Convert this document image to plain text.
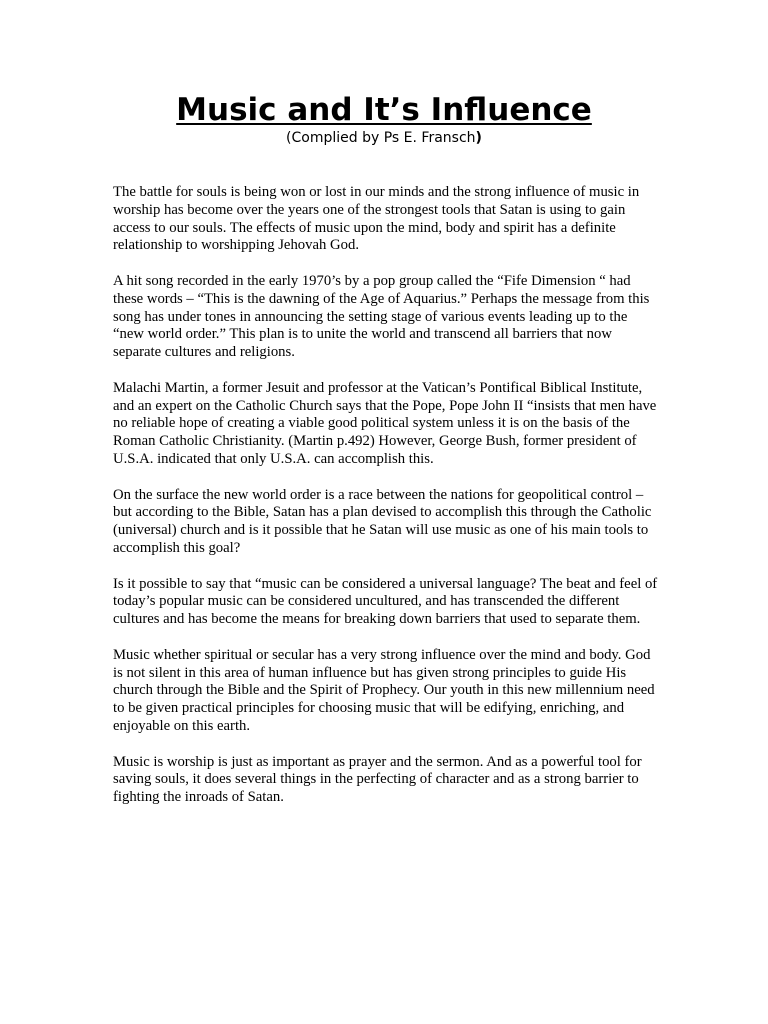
Music and It’s Influence
(Complied by Ps E. Fransch)

The battle for souls is being won or lost in our minds and the strong influence of music in worship has become over the years one of the strongest tools that Satan is using to gain access to our souls. The effects of music upon the mind, body and spirit has a definite relationship to worshipping Jehovah God.

A hit song recorded in the early 1970’s by a pop group called the “Fife Dimension “ had these words – “This is the dawning of the Age of Aquarius.” Perhaps the message from this song has under tones in announcing the setting stage of various events leading up to the “new world order.” This plan is to unite the world and transcend all barriers that now separate cultures and religions.

Malachi Martin, a former Jesuit and professor at the Vatican’s Pontifical Biblical Institute, and an expert on the Catholic Church says that the Pope, Pope John II “insists that men have no reliable hope of creating a viable good political system unless it is on the basis of the Roman Catholic Christianity. (Martin p.492) However, George Bush, former president of U.S.A. indicated that only U.S.A. can accomplish this.

On the surface the new world order is a race between the nations for geopolitical control – but according to the Bible, Satan has a plan devised to accomplish this through the Catholic (universal) church and is it possible that he Satan will use music as one of his main tools to accomplish this goal?

Is it possible to say that “music can be considered a universal language? The beat and feel of today’s popular music can be considered uncultured, and has transcended the different cultures and has become the means for breaking down barriers that used to separate them.

Music whether spiritual or secular has a very strong influence over the mind and body. God is not silent in this area of human influence but has given strong principles to guide His church through the Bible and the Spirit of Prophecy. Our youth in this new millennium need to be given practical principles for choosing music that will be edifying, enriching, and enjoyable on this earth.

Music is worship is just as important as prayer and the sermon. And as a powerful tool for saving souls, it does several things in the perfecting of character and as a strong barrier to fighting the inroads of Satan.
